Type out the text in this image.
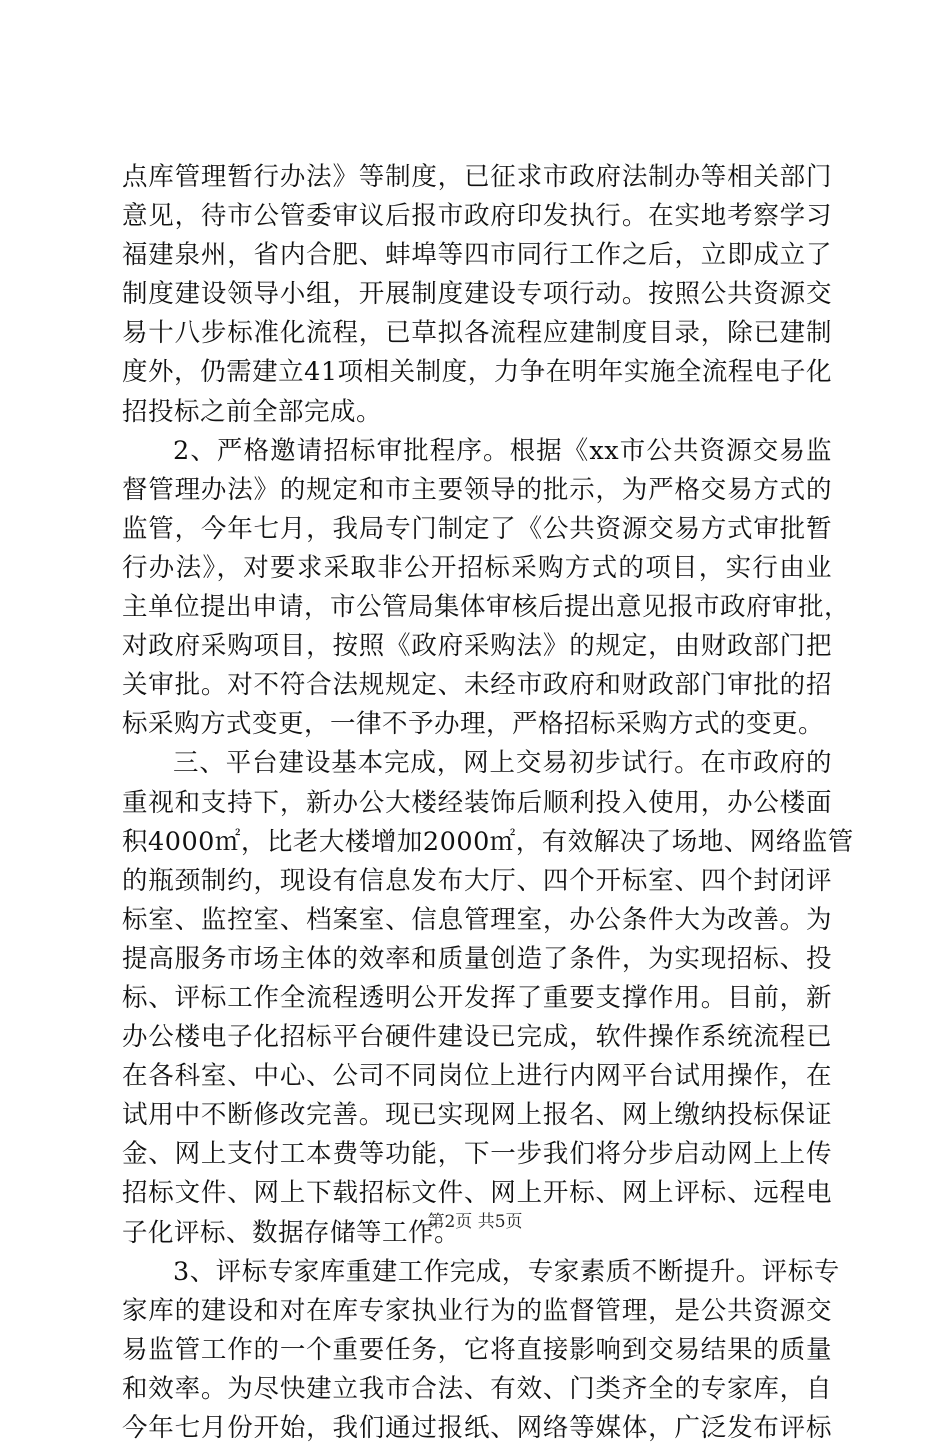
点库管理暂行办法》等制度，已征求市政府法制办等相关部门
意见，待市公管委审议后报市政府印发执行。在实地考察学习
福建泉州，省内合肥、蚌埠等四市同行工作之后，立即成立了
制度建设领导小组，开展制度建设专项行动。按照公共资源交
易十八步标准化流程，已草拟各流程应建制度目录，除已建制
度外，仍需建立41项相关制度，力争在明年实施全流程电子化
招投标之前全部完成。
2、严格邀请招标审批程序。根据《xx市公共资源交易监
督管理办法》的规定和市主要领导的批示，为严格交易方式的
监管，今年七月，我局专门制定了《公共资源交易方式审批暂
行办法》，对要求采取非公开招标采购方式的项目，实行由业
主单位提出申请，市公管局集体审核后提出意见报市政府审批，
对政府采购项目，按照《政府采购法》的规定，由财政部门把
关审批。对不符合法规规定、未经市政府和财政部门审批的招
标采购方式变更，一律不予办理，严格招标采购方式的变更。
三、平台建设基本完成，网上交易初步试行。在市政府的
重视和支持下，新办公大楼经装饰后顺利投入使用，办公楼面
积4000㎡，比老大楼增加2000㎡，有效解决了场地、网络监管
的瓶颈制约，现设有信息发布大厅、四个开标室、四个封闭评
标室、监控室、档案室、信息管理室，办公条件大为改善。为
提高服务市场主体的效率和质量创造了条件，为实现招标、投
标、评标工作全流程透明公开发挥了重要支撑作用。目前，新
办公楼电子化招标平台硬件建设已完成，软件操作系统流程已
在各科室、中心、公司不同岗位上进行内网平台试用操作，在
试用中不断修改完善。现已实现网上报名、网上缴纳投标保证
金、网上支付工本费等功能，下一步我们将分步启动网上上传
招标文件、网上下载招标文件、网上开标、网上评标、远程电
子化评标、数据存储等工作。
3、评标专家库重建工作完成，专家素质不断提升。评标专
家库的建设和对在库专家执业行为的监督管理，是公共资源交
易监管工作的一个重要任务，它将直接影响到交易结果的质量
和效率。为尽快建立我市合法、有效、门类齐全的专家库，自
今年七月份开始，我们通过报纸、网络等媒体，广泛发布评标
第2页 共5页
